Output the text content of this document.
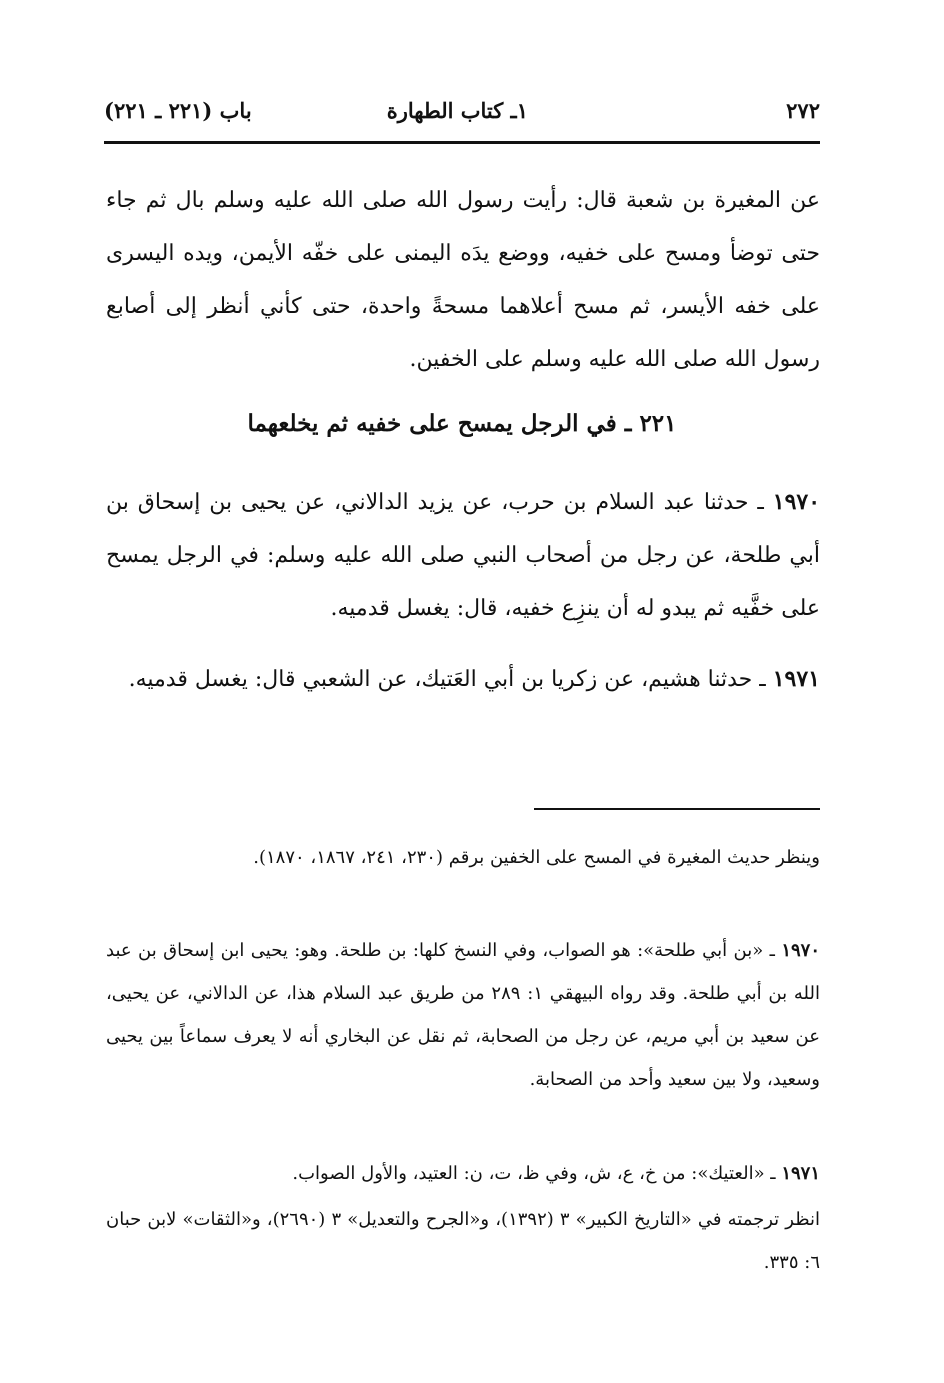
٢٧٢
١ـ كتاب الطهارة
باب (٢٢١ ـ ٢٢١)

عن المغيرة بن شعبة قال: رأيت رسول الله صلى الله عليه وسلم بال ثم جاء حتى توضأ ومسح على خفيه، ووضع يدَه اليمنى على خفّه الأيمن، ويده اليسرى على خفه الأيسر، ثم مسح أعلاهما مسحةً واحدة، حتى كأني أنظر إلى أصابع رسول الله صلى الله عليه وسلم على الخفين.

٢٢١ ـ في الرجل يمسح على خفيه ثم يخلعهما

١٩٧٠ ـ حدثنا عبد السلام بن حرب، عن يزيد الدالاني، عن يحيى بن إسحاق بن أبي طلحة، عن رجل من أصحاب النبي صلى الله عليه وسلم: في الرجل يمسح على خفَّيه ثم يبدو له أن ينزِع خفيه، قال: يغسل قدميه.

١٩٧١ ـ حدثنا هشيم، عن زكريا بن أبي العَتيك، عن الشعبي قال: يغسل قدميه.

وينظر حديث المغيرة في المسح على الخفين برقم (٢٣٠، ٢٤١، ١٨٦٧، ١٨٧٠).

١٩٧٠ ـ «بن أبي طلحة»: هو الصواب، وفي النسخ كلها: بن طلحة. وهو: يحيى ابن إسحاق بن عبد الله بن أبي طلحة. وقد رواه البيهقي ١: ٢٨٩ من طريق عبد السلام هذا، عن الدالاني، عن يحيى، عن سعيد بن أبي مريم، عن رجل من الصحابة، ثم نقل عن البخاري أنه لا يعرف سماعاً بين يحيى وسعيد، ولا بين سعيد وأحد من الصحابة.

١٩٧١ ـ «العتيك»: من خ، ع، ش، وفي ظ، ت، ن: العتيد، والأول الصواب.

انظر ترجمته في «التاريخ الكبير» ٣ (١٣٩٢)، و«الجرح والتعديل» ٣ (٢٦٩٠)، و«الثقات» لابن حبان ٦: ٣٣٥.
